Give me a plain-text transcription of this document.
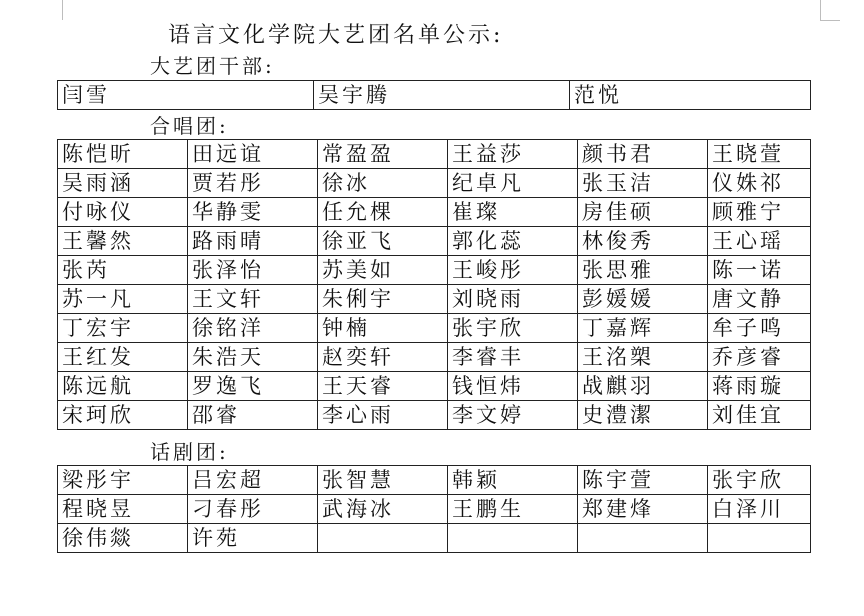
语言文化学院大艺团名单公示:
大艺团干部:
闫雪	吴宇腾	范悦
合唱团:
陈恺昕	田远谊	常盈盈	王益莎	颜书君	王晓萱
吴雨涵	贾若彤	徐冰	纪卓凡	张玉洁	仪姝祁
付咏仪	华静雯	任允棵	崔璨	房佳硕	顾雅宁
王馨然	路雨晴	徐亚飞	郭化蕊	林俊秀	王心瑶
张芮	张泽怡	苏美如	王峻彤	张思雅	陈一诺
苏一凡	王文轩	朱俐宇	刘晓雨	彭媛媛	唐文静
丁宏宇	徐铭洋	钟楠	张宇欣	丁嘉辉	牟子鸣
王红发	朱浩天	赵奕轩	李睿丰	王洺槊	乔彦睿
陈远航	罗逸飞	王天睿	钱恒炜	战麒羽	蒋雨璇
宋珂欣	邵睿	李心雨	李文婷	史澧潔	刘佳宜
话剧团:
梁彤宇	吕宏超	张智慧	韩颖	陈宇萱	张宇欣
程晓昱	刁春彤	武海冰	王鹏生	郑建烽	白泽川
徐伟燚	许苑				
